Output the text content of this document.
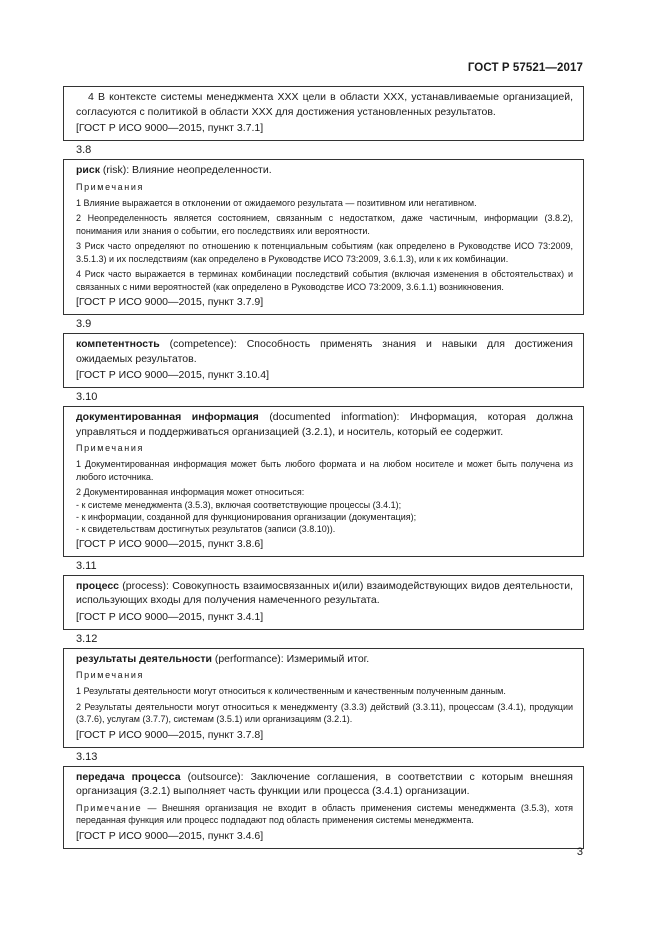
ГОСТ Р 57521—2017
4 В контексте системы менеджмента XXX цели в области XXX, устанавливаемые организацией, согласуются с политикой в области XXX для достижения установленных результатов.
[ГОСТ Р ИСО 9000—2015, пункт 3.7.1]
3.8
риск (risk): Влияние неопределенности.
Примечания
1 Влияние выражается в отклонении от ожидаемого результата — позитивном или негативном.
2 Неопределенность является состоянием, связанным с недостатком, даже частичным, информации (3.8.2), понимания или знания о событии, его последствиях или вероятности.
3 Риск часто определяют по отношению к потенциальным событиям (как определено в Руководстве ИСО 73:2009, 3.5.1.3) и их последствиям (как определено в Руководстве ИСО 73:2009, 3.6.1.3), или к их комбинации.
4 Риск часто выражается в терминах комбинации последствий события (включая изменения в обстоятельствах) и связанных с ними вероятностей (как определено в Руководстве ИСО 73:2009, 3.6.1.1) возникновения.
[ГОСТ Р ИСО 9000—2015, пункт 3.7.9]
3.9
компетентность (competence): Способность применять знания и навыки для достижения ожидаемых результатов.
[ГОСТ Р ИСО 9000—2015, пункт 3.10.4]
3.10
документированная информация (documented information): Информация, которая должна управляться и поддерживаться организацией (3.2.1), и носитель, который ее содержит.
Примечания
1 Документированная информация может быть любого формата и на любом носителе и может быть получена из любого источника.
2 Документированная информация может относиться:
- к системе менеджмента (3.5.3), включая соответствующие процессы (3.4.1);
- к информации, созданной для функционирования организации (документация);
- к свидетельствам достигнутых результатов (записи (3.8.10)).
[ГОСТ Р ИСО 9000—2015, пункт 3.8.6]
3.11
процесс (process): Совокупность взаимосвязанных и(или) взаимодействующих видов деятельности, использующих входы для получения намеченного результата.
[ГОСТ Р ИСО 9000—2015, пункт 3.4.1]
3.12
результаты деятельности (performance): Измеримый итог.
Примечания
1 Результаты деятельности могут относиться к количественным и качественным полученным данным.
2 Результаты деятельности могут относиться к менеджменту (3.3.3) действий (3.3.11), процессам (3.4.1), продукции (3.7.6), услугам (3.7.7), системам (3.5.1) или организациям (3.2.1).
[ГОСТ Р ИСО 9000—2015, пункт 3.7.8]
3.13
передача процесса (outsource): Заключение соглашения, в соответствии с которым внешняя организация (3.2.1) выполняет часть функции или процесса (3.4.1) организации.
Примечание — Внешняя организация не входит в область применения системы менеджмента (3.5.3), хотя переданная функция или процесс подпадают под область применения системы менеджмента.
[ГОСТ Р ИСО 9000—2015, пункт 3.4.6]
3
